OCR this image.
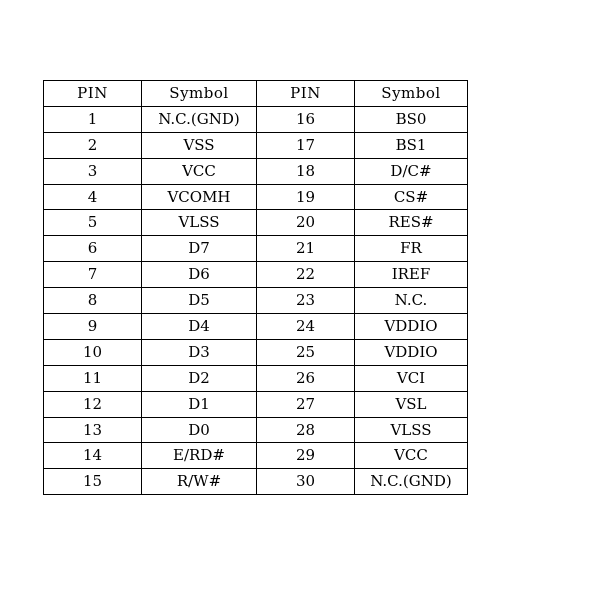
PIN	Symbol	PIN	Symbol
1	N.C.(GND)	16	BS0
2	VSS	17	BS1
3	VCC	18	D/C#
4	VCOMH	19	CS#
5	VLSS	20	RES#
6	D7	21	FR
7	D6	22	IREF
8	D5	23	N.C.
9	D4	24	VDDIO
10	D3	25	VDDIO
11	D2	26	VCI
12	D1	27	VSL
13	D0	28	VLSS
14	E/RD#	29	VCC
15	R/W#	30	N.C.(GND)
